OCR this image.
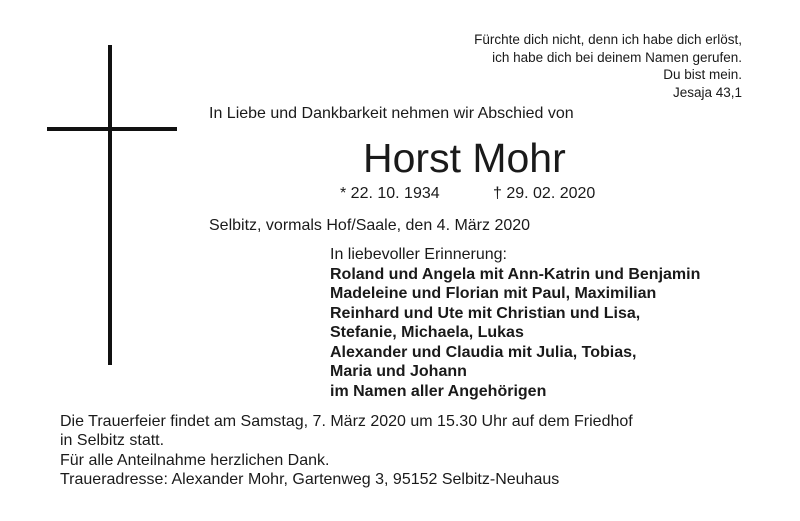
Fürchte dich nicht, denn ich habe dich erlöst,
ich habe dich bei deinem Namen gerufen.
Du bist mein.
Jesaja 43,1
In Liebe und Dankbarkeit nehmen wir Abschied von
Horst Mohr
* 22. 10. 1934	† 29. 02. 2020
Selbitz, vormals Hof/Saale, den 4. März 2020
In liebevoller Erinnerung:
Roland und Angela mit Ann-Katrin und Benjamin
Madeleine und Florian mit Paul, Maximilian
Reinhard und Ute mit Christian und Lisa,
Stefanie, Michaela, Lukas
Alexander und Claudia mit Julia, Tobias,
Maria und Johann
im Namen aller Angehörigen
Die Trauerfeier findet am Samstag, 7. März 2020 um 15.30 Uhr auf dem Friedhof
in Selbitz statt.
Für alle Anteilnahme herzlichen Dank.
Traueradresse: Alexander Mohr, Gartenweg 3, 95152 Selbitz-Neuhaus
